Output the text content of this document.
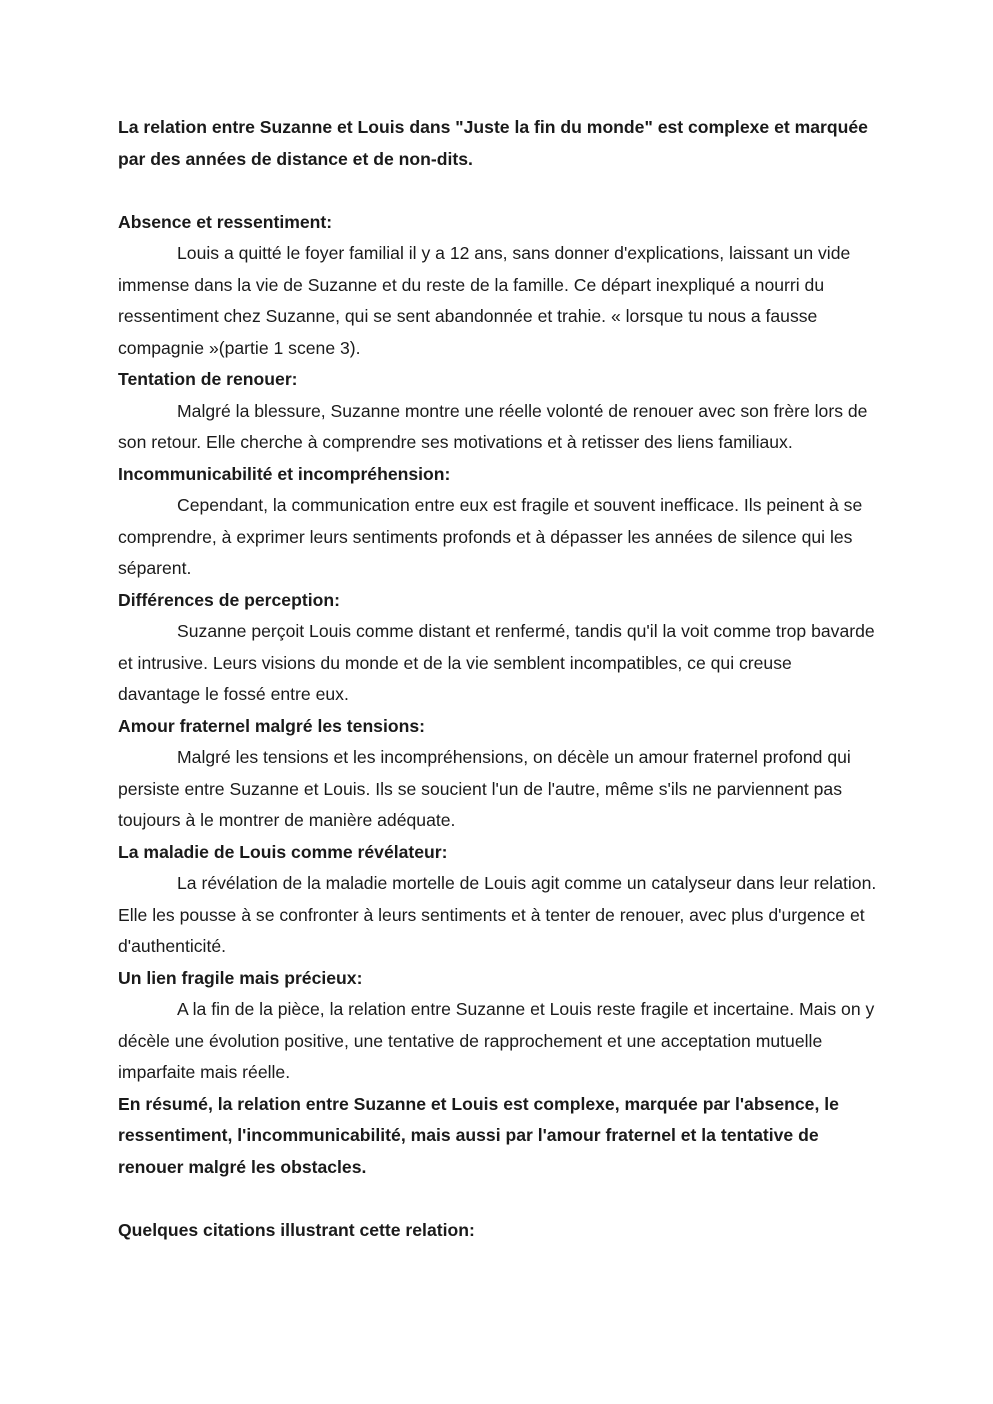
La relation entre Suzanne et Louis dans "Juste la fin du monde" est complexe et marquée par des années de distance et de non-dits.

Absence et ressentiment:

Louis a quitté le foyer familial il y a 12 ans, sans donner d'explications, laissant un vide immense dans la vie de Suzanne et du reste de la famille. Ce départ inexpliqué a nourri du ressentiment chez Suzanne, qui se sent abandonnée et trahie. « lorsque tu nous a fausse compagnie »(partie 1 scene 3).

Tentation de renouer:

Malgré la blessure, Suzanne montre une réelle volonté de renouer avec son frère lors de son retour. Elle cherche à comprendre ses motivations et à retisser des liens familiaux.

Incommunicabilité et incompréhension:

Cependant, la communication entre eux est fragile et souvent inefficace. Ils peinent à se comprendre, à exprimer leurs sentiments profonds et à dépasser les années de silence qui les séparent.

Différences de perception:

Suzanne perçoit Louis comme distant et renfermé, tandis qu'il la voit comme trop bavarde et intrusive. Leurs visions du monde et de la vie semblent incompatibles, ce qui creuse davantage le fossé entre eux.

Amour fraternel malgré les tensions:

Malgré les tensions et les incompréhensions, on décèle un amour fraternel profond qui persiste entre Suzanne et Louis. Ils se soucient l'un de l'autre, même s'ils ne parviennent pas toujours à le montrer de manière adéquate.

La maladie de Louis comme révélateur:

La révélation de la maladie mortelle de Louis agit comme un catalyseur dans leur relation. Elle les pousse à se confronter à leurs sentiments et à tenter de renouer, avec plus d'urgence et d'authenticité.

Un lien fragile mais précieux:

A la fin de la pièce, la relation entre Suzanne et Louis reste fragile et incertaine. Mais on y décèle une évolution positive, une tentative de rapprochement et une acceptation mutuelle imparfaite mais réelle.

En résumé, la relation entre Suzanne et Louis est complexe, marquée par l'absence, le ressentiment, l'incommunicabilité, mais aussi par l'amour fraternel et la tentative de renouer malgré les obstacles.

Quelques citations illustrant cette relation:
